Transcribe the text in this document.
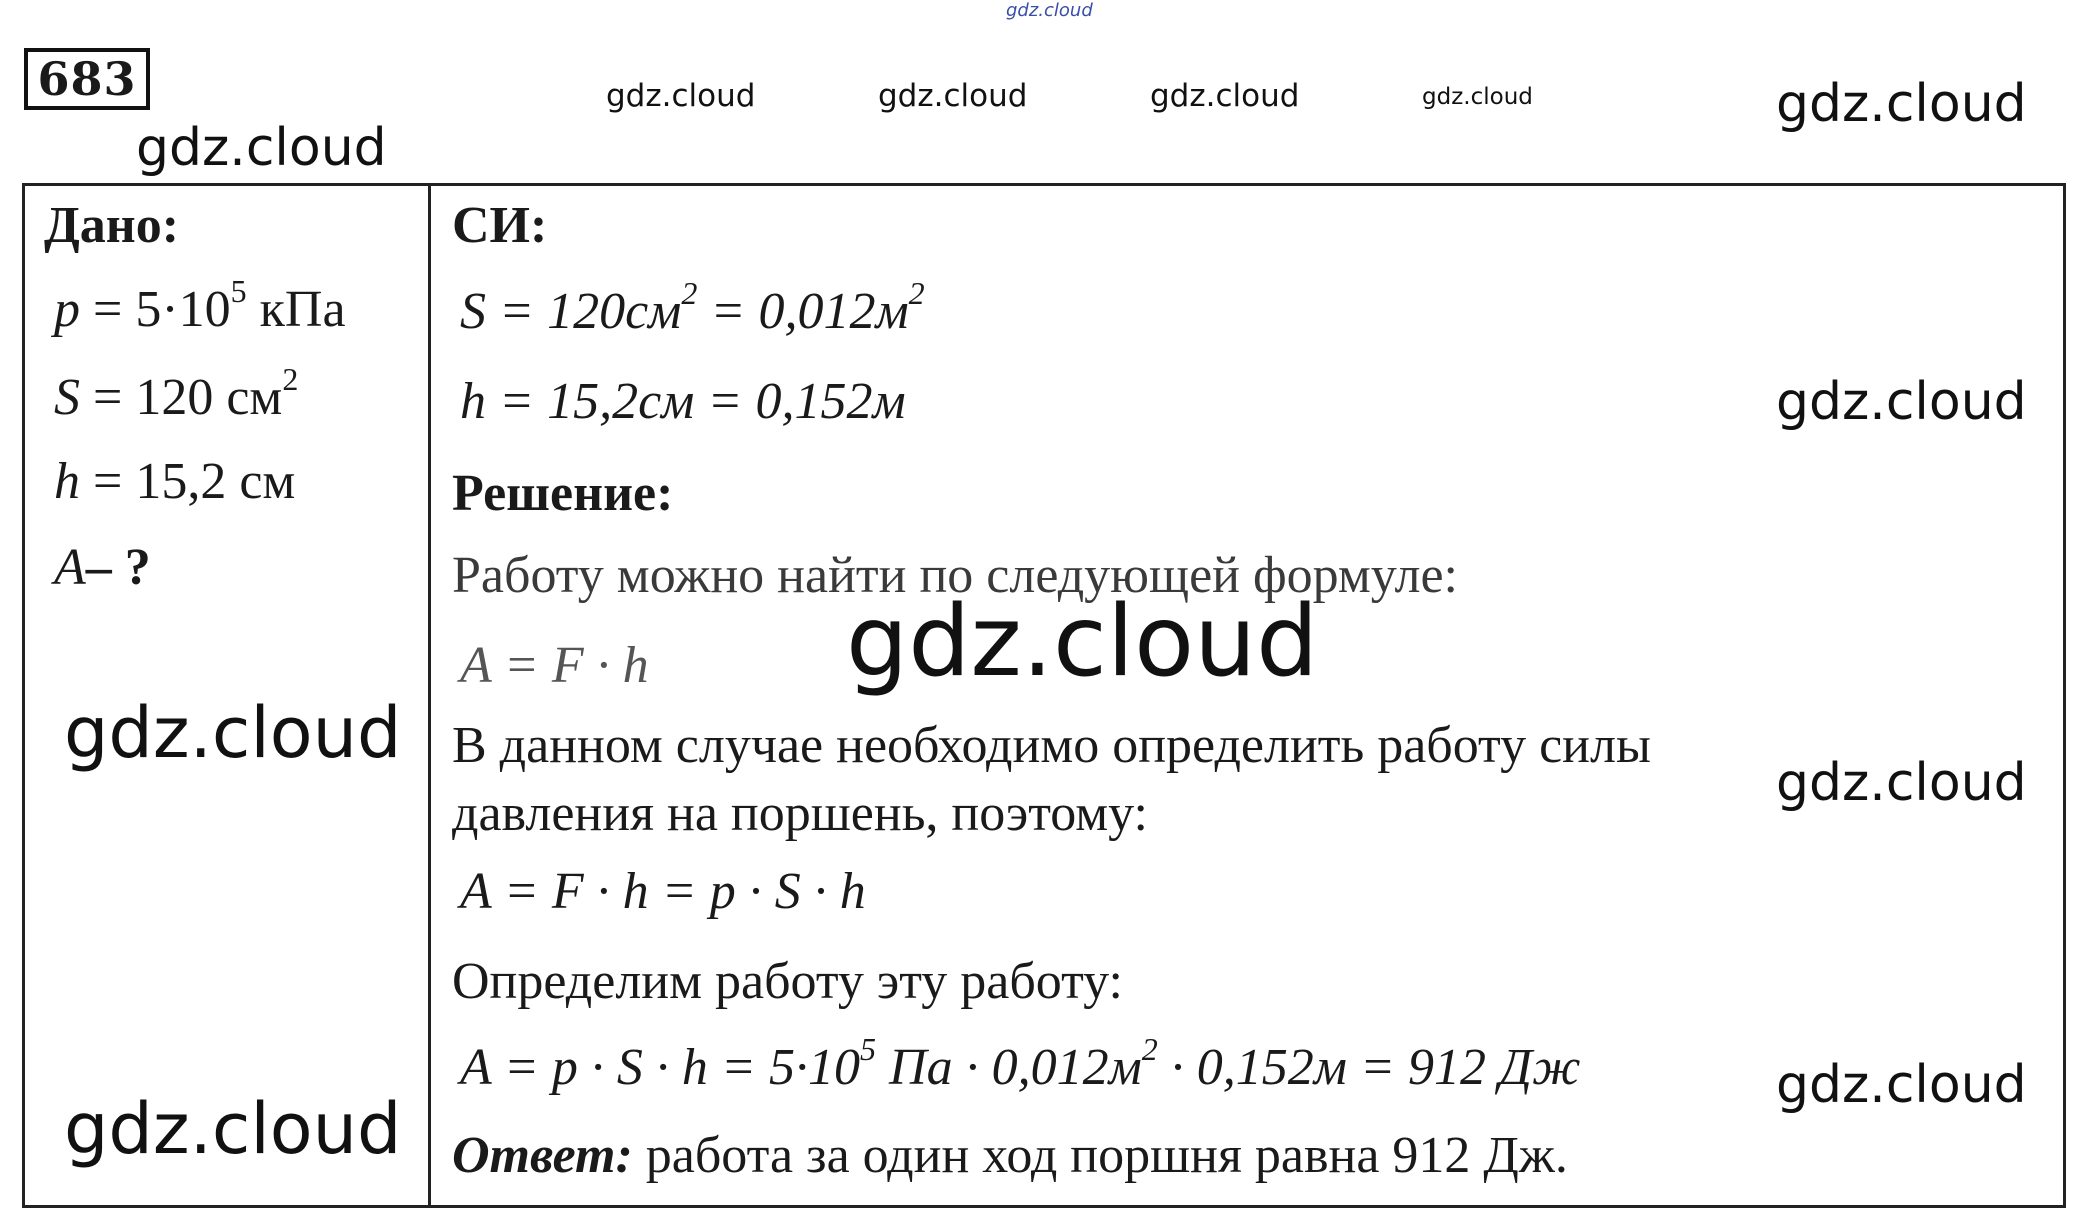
gdz.cloud
gdz.cloud	gdz.cloud	gdz.cloud	gdz.cloud	gdz.cloud
gdz.cloud
gdz.cloud
gdz.cloud
gdz.cloud
gdz.cloud
gdz.cloud
683
Дано:
$p = 5\cdot 10^5$ кПа
S = 120 $см^2$
h = 15,2 см
A– ?
СИ:
$S = 120см^2 = 0,012м^2$
h = 15,2см = 0,152м
Решение:
Работу можно найти по следующей формуле:
A = F · h gdz.cloud
В данном случае необходимо определить работу силы
давления на поршень, поэтому:
A = F · h = p · S · h
Определим работу эту работу:
$A = p \cdot S \cdot h = 5\cdot 10^5$ Па · $0,012м^2 \cdot 0,152м = 912$ Дж
Ответ: работа за один ход поршня равна 912 Дж.
